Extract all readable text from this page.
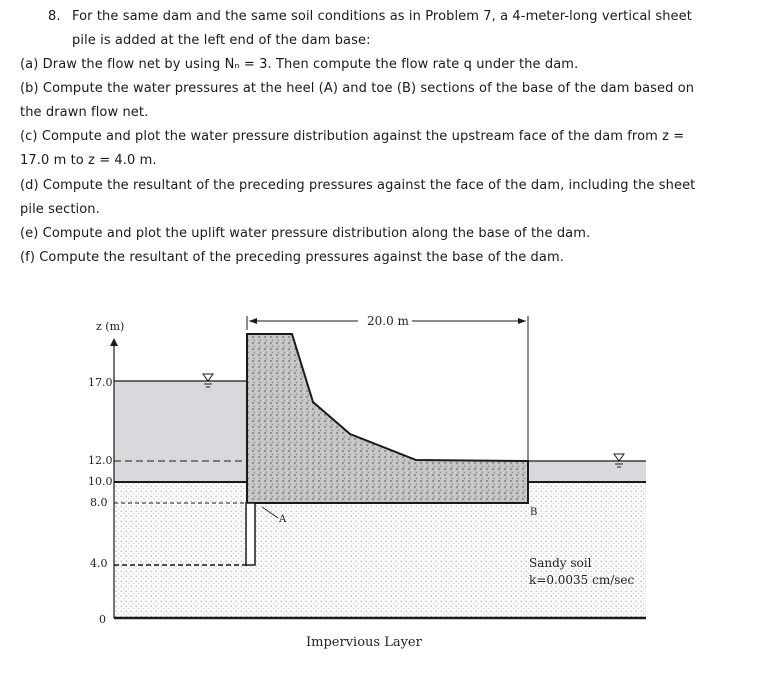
8. For the same dam and the same soil conditions as in Problem 7, a 4-meter-long vertical sheet
pile is added at the left end of the dam base:
(a) Draw the flow net by using Nₙ = 3. Then compute the flow rate q under the dam.
(b) Compute the water pressures at the heel (A) and toe (B) sections of the base of the dam based on
the drawn flow net.
(c) Compute and plot the water pressure distribution against the upstream face of the dam from z =
17.0 m to z = 4.0 m.
(d) Compute the resultant of the preceding pressures against the face of the dam, including the sheet
pile section.
(e) Compute and plot the uplift water pressure distribution along the base of the dam.
(f) Compute the resultant of the preceding pressures against the base of the dam.
z (m)
17.0
12.0
10.0
8.0
4.0
0
20.0 m
A
B
Sandy soil
k=0.0035 cm/sec
Impervious Layer
